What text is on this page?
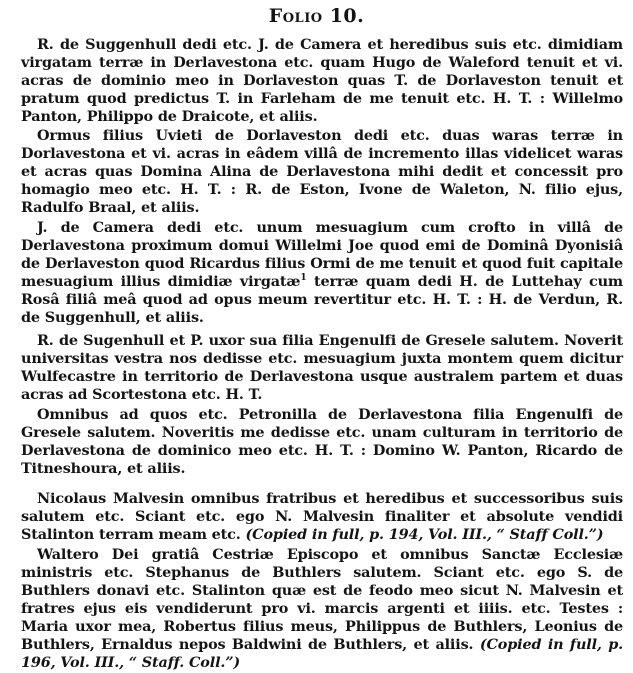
Folio 10.

R. de Suggenhull dedi etc. J. de Camera et heredibus suis etc. dimidiam virgatam terræ in Derlavestona etc. quam Hugo de Waleford tenuit et vi. acras de dominio meo in Dorlaveston quas T. de Dorlaveston tenuit et pratum quod predictus T. in Farleham de me tenuit etc. H. T. : Willelmo Panton, Philippo de Draicote, et aliis.

Ormus filius Uvieti de Dorlaveston dedi etc. duas waras terræ in Dorlavestona et vi. acras in eâdem villâ de incremento illas videlicet waras et acras quas Domina Alina de Derlavestona mihi dedit et concessit pro homagio meo etc. H. T. : R. de Eston, Ivone de Waleton, N. filio ejus, Radulfo Braal, et aliis.

J. de Camera dedi etc. unum mesuagium cum crofto in villâ de Derlavestona proximum domui Willelmi Joe quod emi de Dominâ Dyonisiâ de Derlaveston quod Ricardus filius Ormi de me tenuit et quod fuit capitale mesuagium illius dimidiæ virgatæ$^1$ terræ quam dedi H. de Luttehay cum Rosâ filiâ meâ quod ad opus meum revertitur etc. H. T. : H. de Verdun, R. de Suggenhull, et aliis.

R. de Sugenhull et P. uxor sua filia Engenulfi de Gresele salutem. Noverit universitas vestra nos dedisse etc. mesuagium juxta montem quem dicitur Wulfecastre in territorio de Derlavestona usque australem partem et duas acras ad Scortestona etc. H. T.

Omnibus ad quos etc. Petronilla de Derlavestona filia Engenulfi de Gresele salutem. Noveritis me dedisse etc. unam culturam in territorio de Derlavestona de dominico meo etc. H. T. : Domino W. Panton, Ricardo de Titneshoura, et aliis.

Nicolaus Malvesin omnibus fratribus et heredibus et successoribus suis salutem etc. Sciant etc. ego N. Malvesin finaliter et absolute vendidi Stalinton terram meam etc. (Copied in full, p. 194, Vol. III., “ Staff Coll.”)

Waltero Dei gratiâ Cestriæ Episcopo et omnibus Sanctæ Ecclesiæ ministris etc. Stephanus de Buthlers salutem. Sciant etc. ego S. de Buthlers donavi etc. Stalinton quæ est de feodo meo sicut N. Malvesin et fratres ejus eis vendiderunt pro vi. marcis argenti et iiiis. etc. Testes : Maria uxor mea, Robertus filius meus, Philippus de Buthlers, Leonius de Buthlers, Ernaldus nepos Baldwini de Buthlers, et aliis. (Copied in full, p. 196, Vol. III., “ Staff. Coll.”)
